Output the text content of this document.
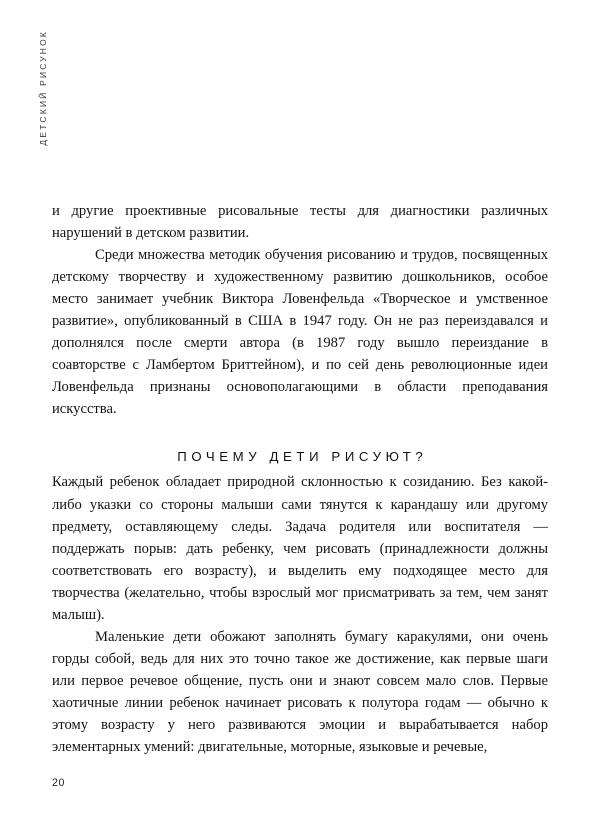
ДЕТСКИЙ РИСУНОК

и другие проективные рисовальные тесты для диагностики различных нарушений в детском развитии.

Среди множества методик обучения рисованию и трудов, посвященных детскому творчеству и художественному развитию дошкольников, особое место занимает учебник Виктора Ловенфельда «Творческое и умственное развитие», опубликованный в США в 1947 году. Он не раз переиздавался и дополнялся после смерти автора (в 1987 году вышло переиздание в соавторстве с Ламбертом Бриттейном), и по сей день революционные идеи Ловенфельда признаны основополагающими в области преподавания искусства.

ПОЧЕМУ ДЕТИ РИСУЮТ?

Каждый ребенок обладает природной склонностью к созиданию. Без какой-либо указки со стороны малыши сами тянутся к карандашу или другому предмету, оставляющему следы. Задача родителя или воспитателя — поддержать порыв: дать ребенку, чем рисовать (принадлежности должны соответствовать его возрасту), и выделить ему подходящее место для творчества (желательно, чтобы взрослый мог присматривать за тем, чем занят малыш).

Маленькие дети обожают заполнять бумагу каракулями, они очень горды собой, ведь для них это точно такое же достижение, как первые шаги или первое речевое общение, пусть они и знают совсем мало слов. Первые хаотичные линии ребенок начинает рисовать к полутора годам — обычно к этому возрасту у него развиваются эмоции и вырабатывается набор элементарных умений: двигательные, моторные, языковые и речевые,

20
